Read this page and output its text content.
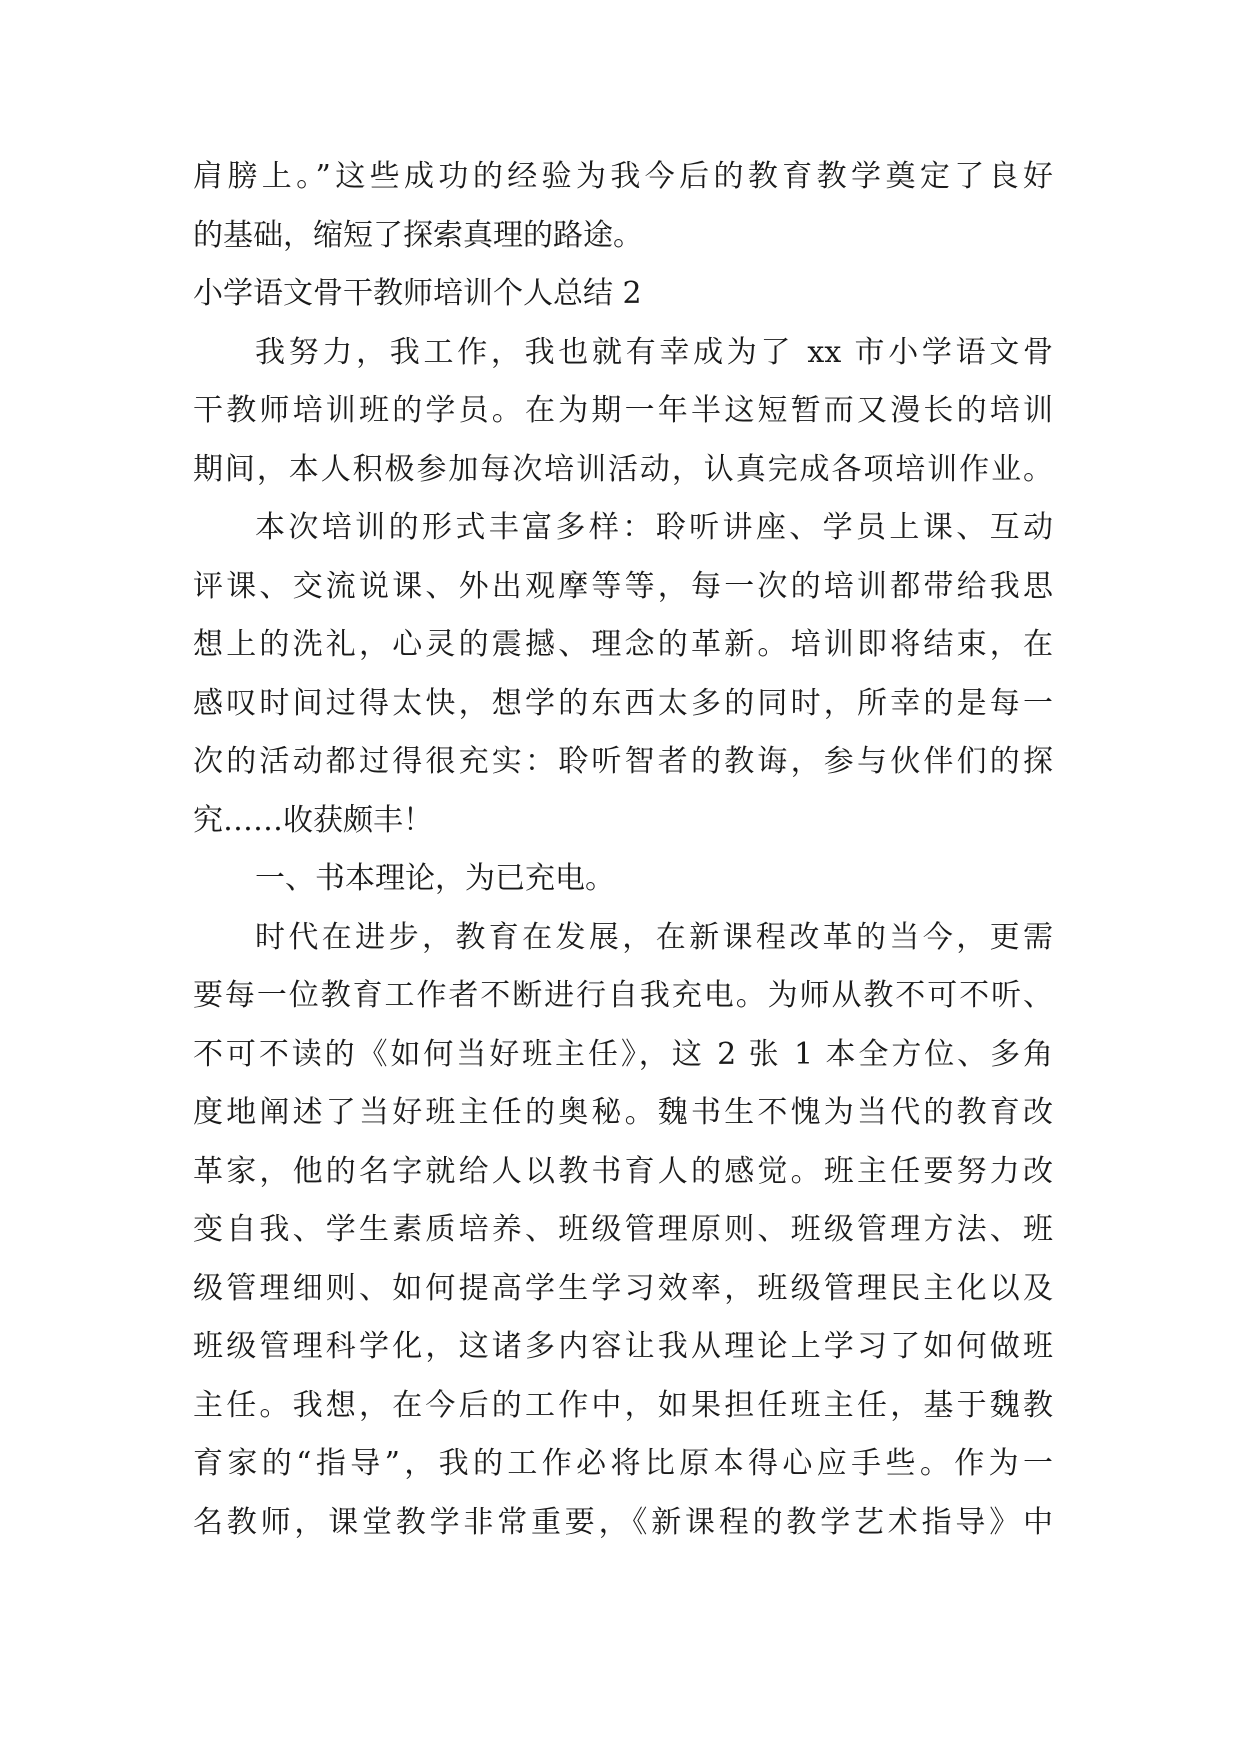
肩膀上。”这些成功的经验为我今后的教育教学奠定了良好
的基础，缩短了探索真理的路途。
小学语文骨干教师培训个人总结 2
我努力，我工作，我也就有幸成为了 xx 市小学语文骨
干教师培训班的学员。在为期一年半这短暂而又漫长的培训
期间，本人积极参加每次培训活动，认真完成各项培训作业。
本次培训的形式丰富多样：聆听讲座、学员上课、互动
评课、交流说课、外出观摩等等，每一次的培训都带给我思
想上的洗礼，心灵的震撼、理念的革新。培训即将结束，在
感叹时间过得太快，想学的东西太多的同时，所幸的是每一
次的活动都过得很充实：聆听智者的教诲，参与伙伴们的探
究……收获颇丰！
一、书本理论，为已充电。
时代在进步，教育在发展，在新课程改革的当今，更需
要每一位教育工作者不断进行自我充电。为师从教不可不听、
不可不读的《如何当好班主任》，这 2 张 1 本全方位、多角
度地阐述了当好班主任的奥秘。魏书生不愧为当代的教育改
革家，他的名字就给人以教书育人的感觉。班主任要努力改
变自我、学生素质培养、班级管理原则、班级管理方法、班
级管理细则、如何提高学生学习效率，班级管理民主化以及
班级管理科学化，这诸多内容让我从理论上学习了如何做班
主任。我想，在今后的工作中，如果担任班主任，基于魏教
育家的“指导”，我的工作必将比原本得心应手些。作为一
名教师，课堂教学非常重要，《新课程的教学艺术指导》中
